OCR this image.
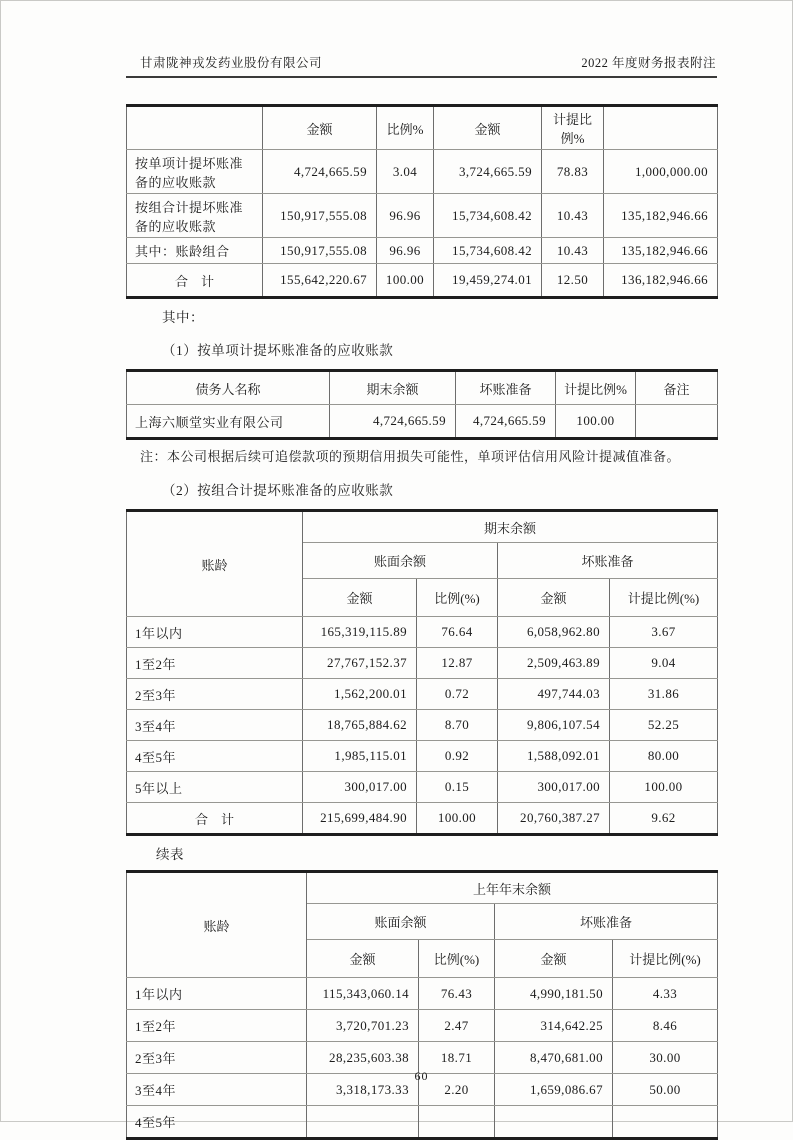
甘肃陇神戎发药业股份有限公司	2022 年度财务报表附注
	金额	比例%	金额	计提比例%	
按单项计提坏账准备的应收账款	4,724,665.59	3.04	3,724,665.59	78.83	1,000,000.00
按组合计提坏账准备的应收账款	150,917,555.08	96.96	15,734,608.42	10.43	135,182,946.66
其中：账龄组合	150,917,555.08	96.96	15,734,608.42	10.43	135,182,946.66
合　计	155,642,220.67	100.00	19,459,274.01	12.50	136,182,946.66

其中：

（1）按单项计提坏账准备的应收账款

债务人名称	期末余额	坏账准备	计提比例%	备注
上海六顺堂实业有限公司	4,724,665.59	4,724,665.59	100.00	

注：本公司根据后续可追偿款项的预期信用损失可能性，单项评估信用风险计提减值准备。

（2）按组合计提坏账准备的应收账款

账龄	期末余额			
	账面余额		坏账准备	
	金额	比例(%)	金额	计提比例(%)
1年以内	165,319,115.89	76.64	6,058,962.80	3.67
1至2年	27,767,152.37	12.87	2,509,463.89	9.04
2至3年	1,562,200.01	0.72	497,744.03	31.86
3至4年	18,765,884.62	8.70	9,806,107.54	52.25
4至5年	1,985,115.01	0.92	1,588,092.01	80.00
5年以上	300,017.00	0.15	300,017.00	100.00
合　计	215,699,484.90	100.00	20,760,387.27	9.62

续表

账龄	上年年末余额			
	账面余额		坏账准备	
	金额	比例(%)	金额	计提比例(%)
1年以内	115,343,060.14	76.43	4,990,181.50	4.33
1至2年	3,720,701.23	2.47	314,642.25	8.46
2至3年	28,235,603.38	18.71	8,470,681.00	30.00
3至4年	3,318,173.33	2.20	1,659,086.67	50.00
4至5年				
60
